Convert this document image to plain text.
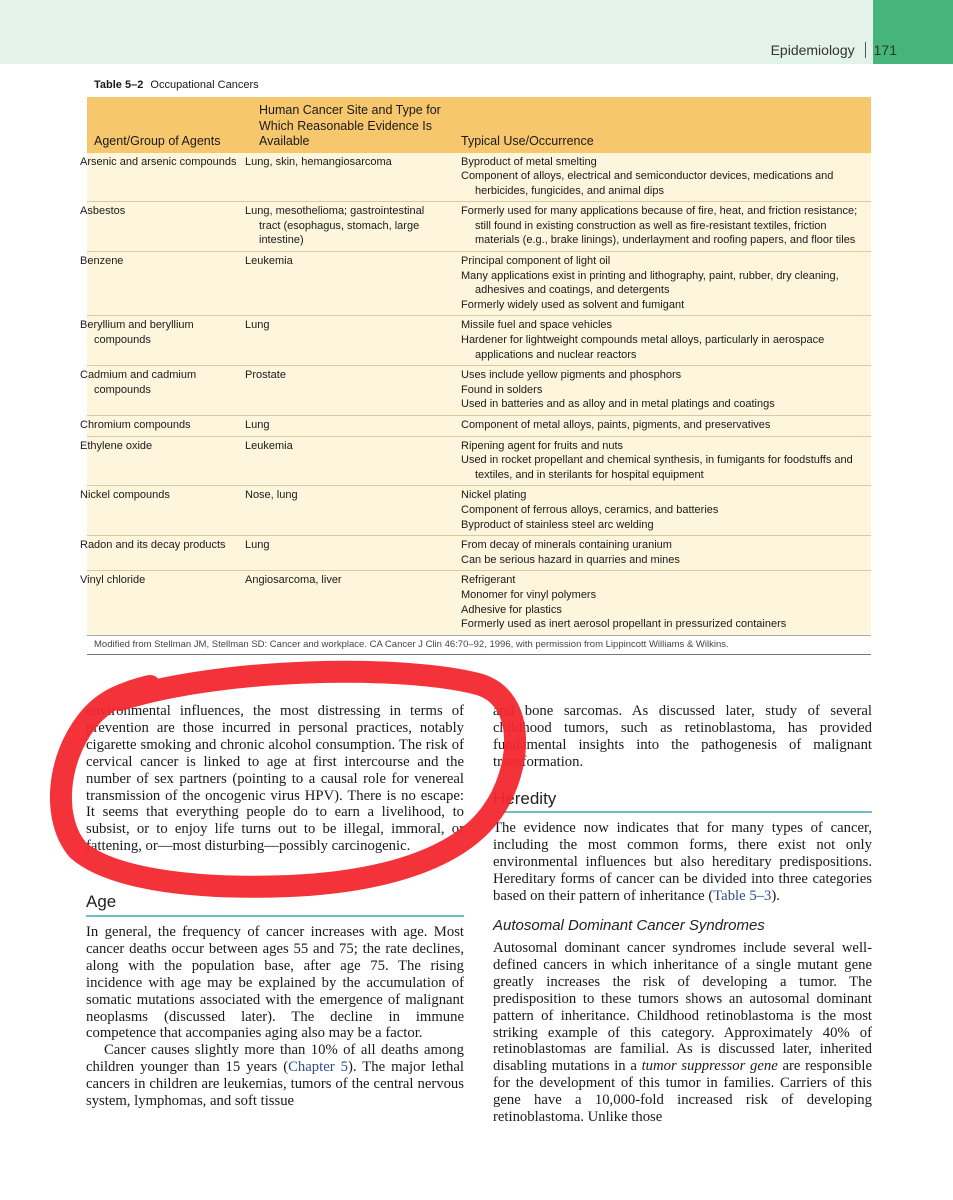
Epidemiology 171
Table 5–2 Occupational Cancers
Agent/Group of Agents	Human Cancer Site and Type for Which Reasonable Evidence Is Available	Typical Use/Occurrence
Arsenic and arsenic compounds	Lung, skin, hemangiosarcoma	Byproduct of metal smelting
Component of alloys, electrical and semiconductor devices, medications and herbicides, fungicides, and animal dips

Asbestos	Lung, mesothelioma; gastrointestinal tract (esophagus, stomach, large intestine)	Formerly used for many applications because of fire, heat, and friction resistance; still found in existing construction as well as fire-resistant textiles, friction materials (e.g., brake linings), underlayment and roofing papers, and floor tiles

Benzene	Leukemia	Principal component of light oil
Many applications exist in printing and lithography, paint, rubber, dry cleaning, adhesives and coatings, and detergents
Formerly widely used as solvent and fumigant

Beryllium and beryllium compounds	Lung	Missile fuel and space vehicles
Hardener for lightweight compounds metal alloys, particularly in aerospace applications and nuclear reactors

Cadmium and cadmium compounds	Prostate	Uses include yellow pigments and phosphors
Found in solders
Used in batteries and as alloy and in metal platings and coatings

Chromium compounds	Lung	Component of metal alloys, paints, pigments, and preservatives

Ethylene oxide	Leukemia	Ripening agent for fruits and nuts
Used in rocket propellant and chemical synthesis, in fumigants for foodstuffs and textiles, and in sterilants for hospital equipment

Nickel compounds	Nose, lung	Nickel plating
Component of ferrous alloys, ceramics, and batteries
Byproduct of stainless steel arc welding

Radon and its decay products	Lung	From decay of minerals containing uranium
Can be serious hazard in quarries and mines

Vinyl chloride	Angiosarcoma, liver	Refrigerant
Monomer for vinyl polymers
Adhesive for plastics
Formerly used as inert aerosol propellant in pressurized containers
Modified from Stellman JM, Stellman SD: Cancer and workplace. CA Cancer J Clin 46:70–92, 1996, with permission from Lippincott Williams & Wilkins.

environmental influences, the most distressing in terms of prevention are those incurred in personal practices, notably cigarette smoking and chronic alcohol consumption. The risk of cervical cancer is linked to age at first intercourse and the number of sex partners (pointing to a causal role for venereal transmission of the oncogenic virus HPV). There is no escape: It seems that everything people do to earn a livelihood, to subsist, or to enjoy life turns out to be illegal, immoral, or fattening, or—most disturbing—possibly carcinogenic.

Age

In general, the frequency of cancer increases with age. Most cancer deaths occur between ages 55 and 75; the rate declines, along with the population base, after age 75. The rising incidence with age may be explained by the accumulation of somatic mutations associated with the emergence of malignant neoplasms (discussed later). The decline in immune competence that accompanies aging also may be a factor.

Cancer causes slightly more than 10% of all deaths among children younger than 15 years (Chapter 5). The major lethal cancers in children are leukemias, tumors of the central nervous system, lymphomas, and soft tissue

and bone sarcomas. As discussed later, study of several childhood tumors, such as retinoblastoma, has provided fundamental insights into the pathogenesis of malignant transformation.

Heredity

The evidence now indicates that for many types of cancer, including the most common forms, there exist not only environmental influences but also hereditary predispositions. Hereditary forms of cancer can be divided into three categories based on their pattern of inheritance (Table 5–3).

Autosomal Dominant Cancer Syndromes

Autosomal dominant cancer syndromes include several well-defined cancers in which inheritance of a single mutant gene greatly increases the risk of developing a tumor. The predisposition to these tumors shows an autosomal dominant pattern of inheritance. Childhood retinoblastoma is the most striking example of this category. Approximately 40% of retinoblastomas are familial. As is discussed later, inherited disabling mutations in a tumor suppressor gene are responsible for the development of this tumor in families. Carriers of this gene have a 10,000-fold increased risk of developing retinoblastoma. Unlike those
